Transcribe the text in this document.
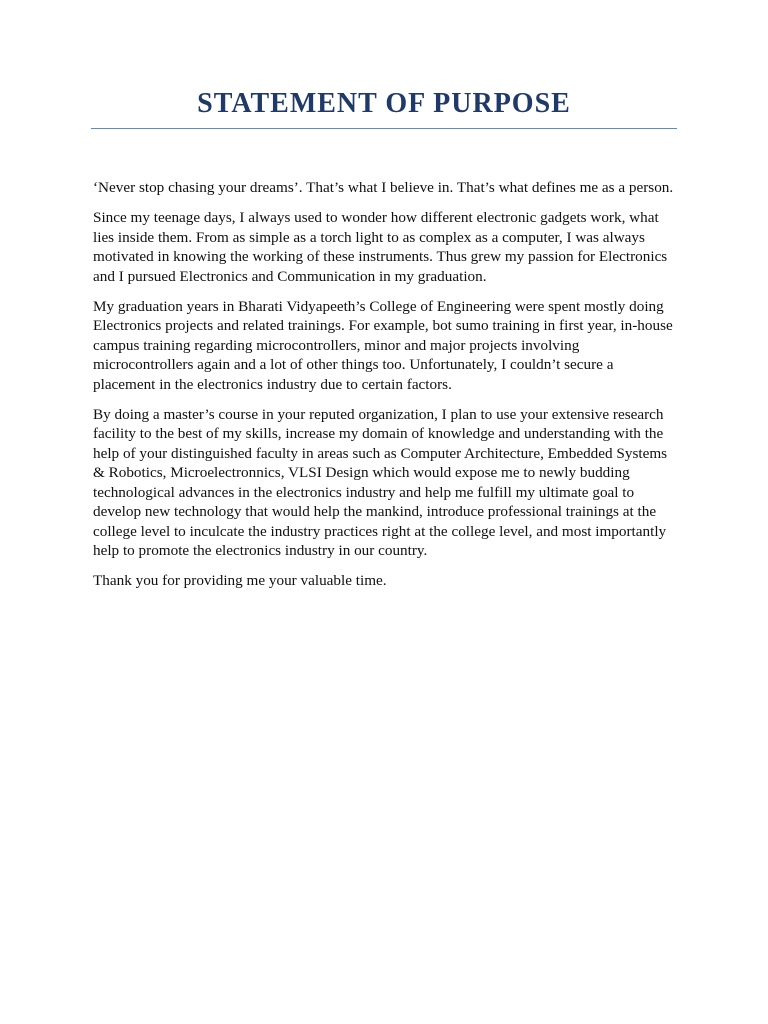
STATEMENT OF PURPOSE

‘Never stop chasing your dreams’. That’s what I believe in. That’s what defines me as a person.

Since my teenage days, I always used to wonder how different electronic gadgets work, what lies inside them. From as simple as a torch light to as complex as a computer, I was always motivated in knowing the working of these instruments. Thus grew my passion for Electronics and I pursued Electronics and Communication in my graduation.

My graduation years in Bharati Vidyapeeth’s College of Engineering were spent mostly doing Electronics projects and related trainings. For example, bot sumo training in first year, in-house campus training regarding microcontrollers, minor and major projects involving microcontrollers again and a lot of other things too. Unfortunately, I couldn’t secure a placement in the electronics industry due to certain factors.

By doing a master’s course in your reputed organization, I plan to use your extensive research facility to the best of my skills, increase my domain of knowledge and understanding with the help of your distinguished faculty in areas such as Computer Architecture, Embedded Systems & Robotics, Microelectronnics, VLSI Design which would expose me to newly budding technological advances in the electronics industry and help me fulfill my ultimate goal to develop new technology that would help the mankind, introduce professional trainings at the college level to inculcate the industry practices right at the college level, and most importantly help to promote the electronics industry in our country.

Thank you for providing me your valuable time.
